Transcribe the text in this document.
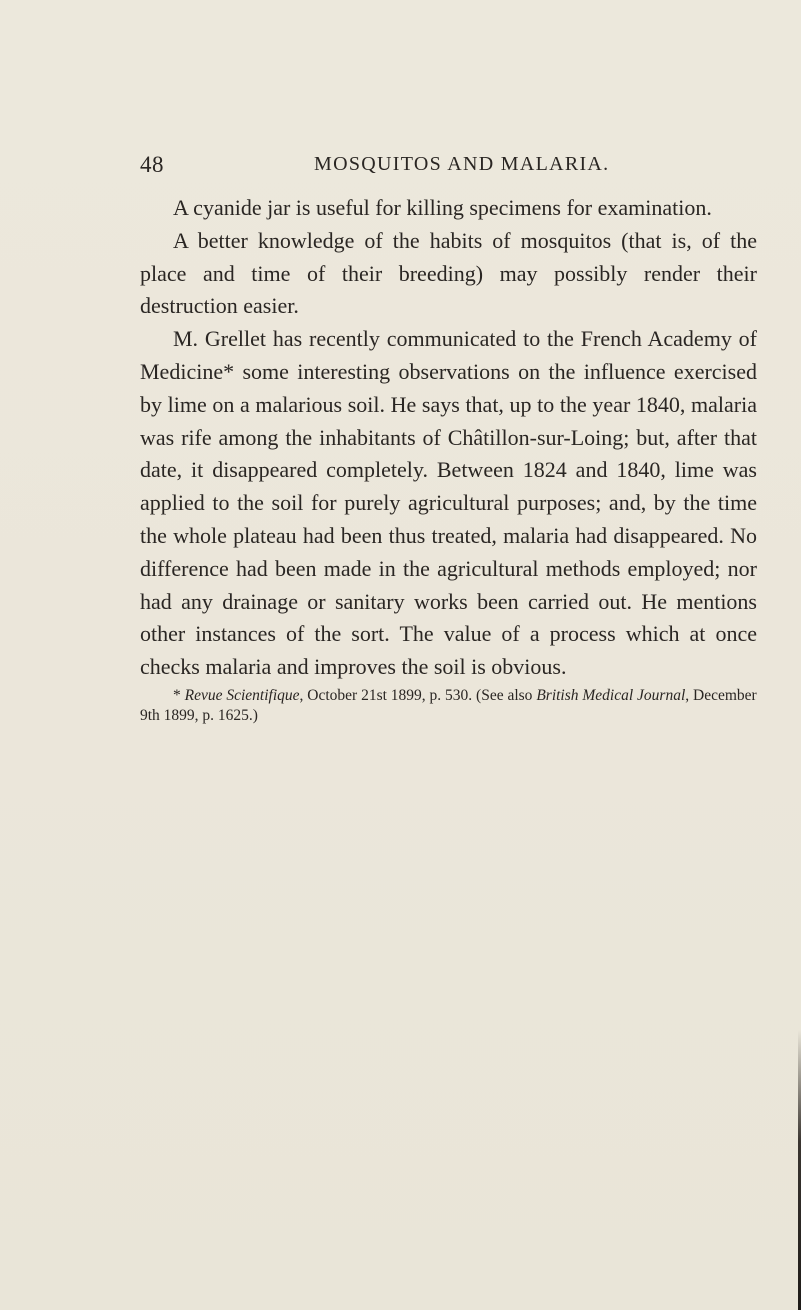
48	MOSQUITOS AND MALARIA.

A cyanide jar is useful for killing specimens for examination.

A better knowledge of the habits of mosquitos (that is, of the place and time of their breeding) may possibly render their destruction easier.

M. Grellet has recently communicated to the French Academy of Medicine* some interesting observations on the influence exercised by lime on a malarious soil. He says that, up to the year 1840, malaria was rife among the inhabitants of Châtillon-sur-Loing; but, after that date, it disappeared completely. Between 1824 and 1840, lime was applied to the soil for purely agricultural purposes; and, by the time the whole plateau had been thus treated, malaria had disappeared. No difference had been made in the agricultural methods employed; nor had any drainage or sanitary works been carried out. He mentions other instances of the sort. The value of a process which at once checks malaria and improves the soil is obvious.

* Revue Scientifique, October 21st 1899, p. 530. (See also British Medical Journal, December 9th 1899, p. 1625.)
